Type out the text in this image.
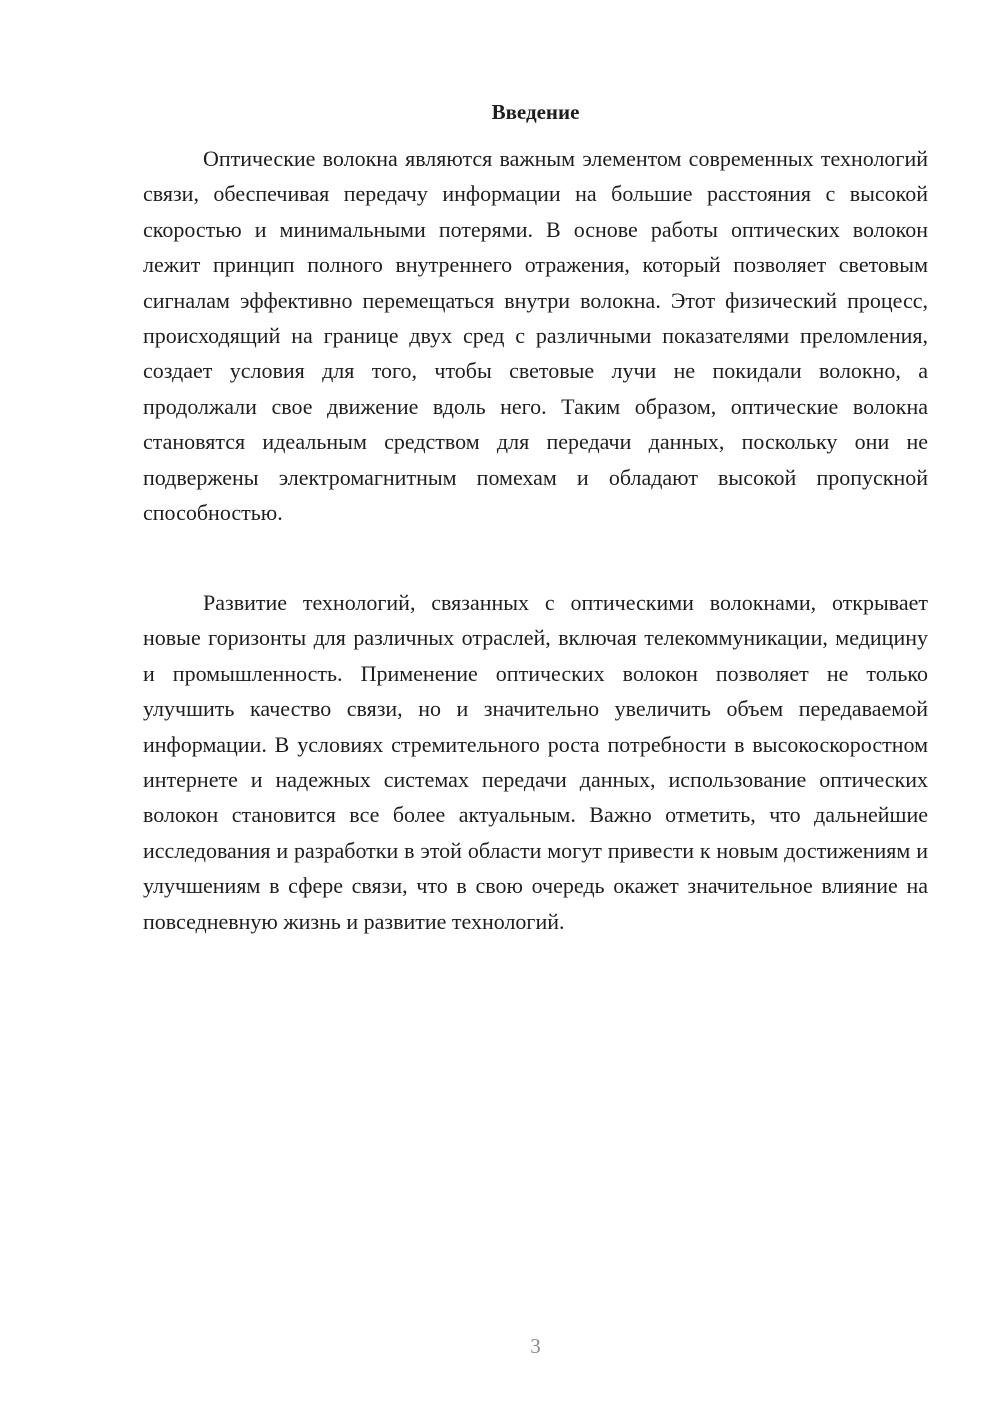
Введение

Оптические волокна являются важным элементом современных технологий связи, обеспечивая передачу информации на большие расстояния с высокой скоростью и минимальными потерями. В основе работы оптических волокон лежит принцип полного внутреннего отражения, который позволяет световым сигналам эффективно перемещаться внутри волокна. Этот физический процесс, происходящий на границе двух сред с различными показателями преломления, создает условия для того, чтобы световые лучи не покидали волокно, а продолжали свое движение вдоль него. Таким образом, оптические волокна становятся идеальным средством для передачи данных, поскольку они не подвержены электромагнитным помехам и обладают высокой пропускной способностью.

Развитие технологий, связанных с оптическими волокнами, открывает новые горизонты для различных отраслей, включая телекоммуникации, медицину и промышленность. Применение оптических волокон позволяет не только улучшить качество связи, но и значительно увеличить объем передаваемой информации. В условиях стремительного роста потребности в высокоскоростном интернете и надежных системах передачи данных, использование оптических волокон становится все более актуальным. Важно отметить, что дальнейшие исследования и разработки в этой области могут привести к новым достижениям и улучшениям в сфере связи, что в свою очередь окажет значительное влияние на повседневную жизнь и развитие технологий.

3
